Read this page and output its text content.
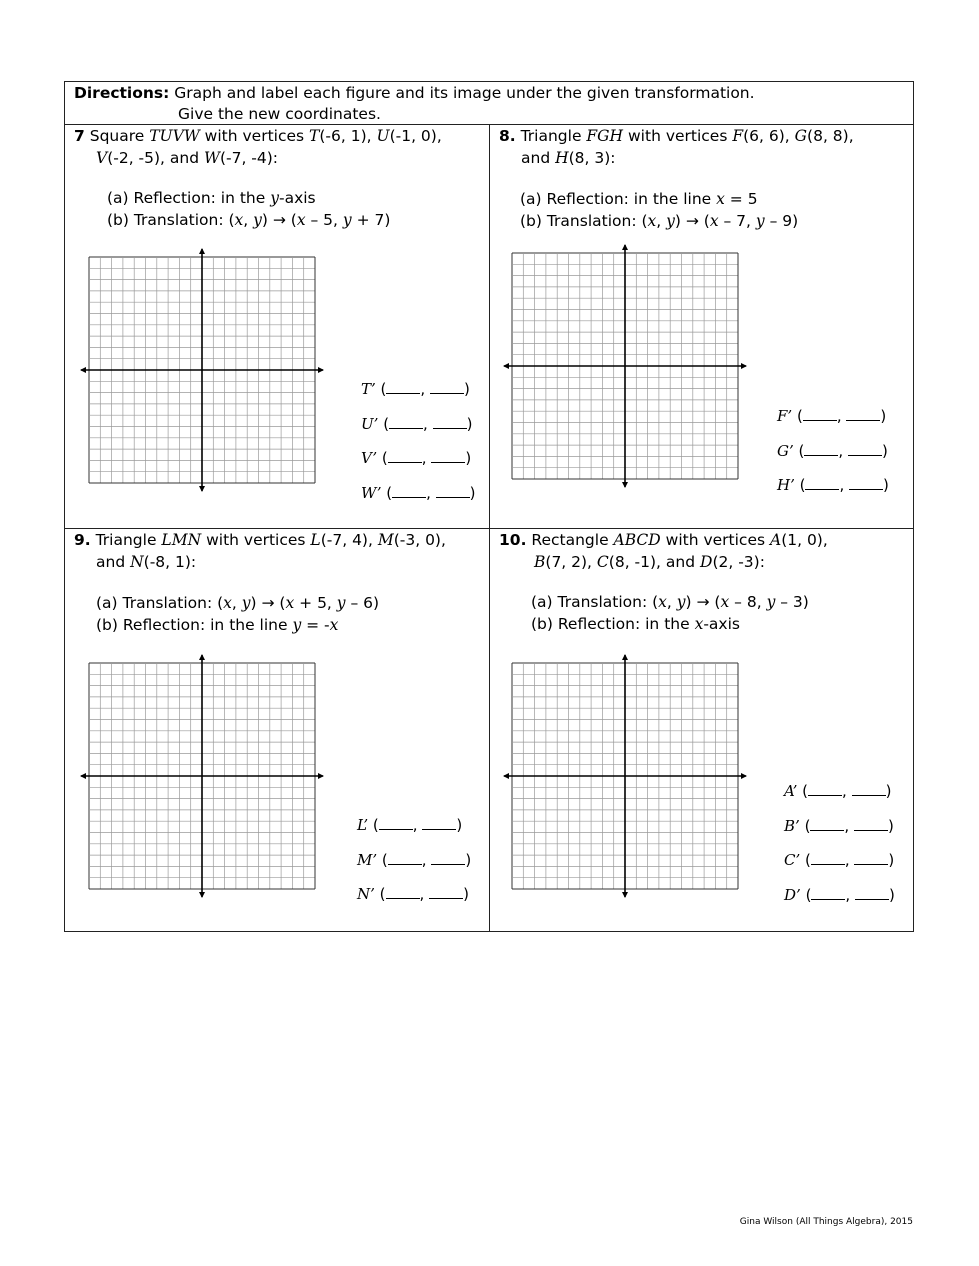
Directions: Graph and label each figure and its image under the given transformation.
Give the new coordinates.
7 Square TUVW with vertices T(-6, 1), U(-1, 0),
V(-2, -5), and W(-7, -4):
(a) Reflection: in the y-axis
(b) Translation: (x, y) → (x – 5, y + 7)
T’ ( , )
U’ ( , )
V’ ( , )
W’ ( , )
8. Triangle FGH with vertices F(6, 6), G(8, 8),
and H(8, 3):
(a) Reflection: in the line x = 5
(b) Translation: (x, y) → (x – 7, y – 9)
F’ ( , )
G’ ( , )
H’ ( , )
9. Triangle LMN with vertices L(-7, 4), M(-3, 0),
and N(-8, 1):
(a) Translation: (x, y) → (x + 5, y – 6)
(b) Reflection: in the line y = -x
L’ ( , )
M’ ( , )
N’ ( , )
10. Rectangle ABCD with vertices A(1, 0),
B(7, 2), C(8, -1), and D(2, -3):
(a) Translation: (x, y) → (x – 8, y – 3)
(b) Reflection: in the x-axis
A’ ( , )
B’ ( , )
C’ ( , )
D’ ( , )
Gina Wilson (All Things Algebra), 2015
